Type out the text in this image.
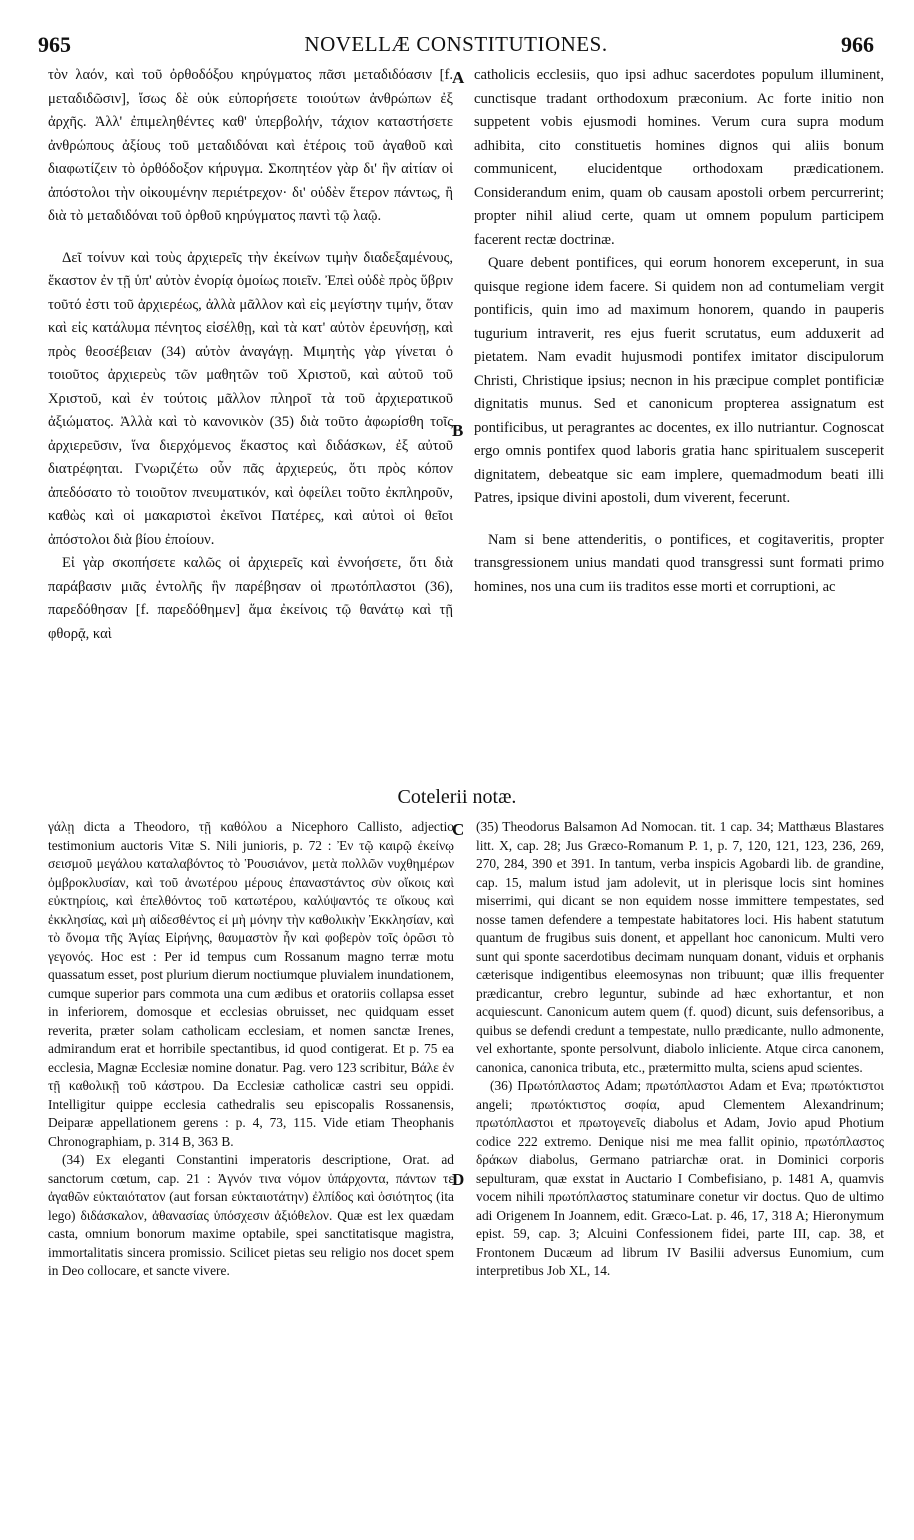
965	NOVELLÆ CONSTITUTIONES.	966

τὸν λαόν, καὶ τοῦ ὀρθοδόξου κηρύγματος πᾶσι μεταδιδόασιν [f. μεταδιδῶσιν], ἴσως δὲ οὐκ εὐπορήσετε τοιούτων ἀνθρώπων ἐξ ἀρχῆς. Ἀλλ' ἐπιμεληθέντες καθ' ὑπερβολήν, τάχιον καταστήσετε ἀνθρώπους ἀξίους τοῦ μεταδιδόναι καὶ ἑτέροις τοῦ ἀγαθοῦ καὶ διαφωτίζειν τὸ ὀρθόδοξον κήρυγμα. Σκοπητέον γὰρ δι' ἣν αἰτίαν οἱ ἀπόστολοι τὴν οἰκουμένην περιέτρεχον· δι' οὐδὲν ἕτερον πάντως, ἢ διὰ τὸ μεταδιδόναι τοῦ ὀρθοῦ κηρύγματος παντὶ τῷ λαῷ.

Δεῖ τοίνυν καὶ τοὺς ἀρχιερεῖς τὴν ἐκείνων τιμὴν διαδεξαμένους, ἕκαστον ἐν τῇ ὑπ' αὐτὸν ἐνορίᾳ ὁμοίως ποιεῖν. Ἐπεὶ οὐδὲ πρὸς ὕβριν τοῦτό ἐστι τοῦ ἀρχιερέως, ἀλλὰ μᾶλλον καὶ εἰς μεγίστην τιμήν, ὅταν καὶ εἰς κατάλυμα πένητος εἰσέλθῃ, καὶ τὰ κατ' αὐτὸν ἐρευνήσῃ, καὶ πρὸς θεοσέβειαν (34) αὐτὸν ἀναγάγῃ. Μιμητὴς γὰρ γίνεται ὁ τοιοῦτος ἀρχιερεὺς τῶν μαθητῶν τοῦ Χριστοῦ, καὶ αὐτοῦ τοῦ Χριστοῦ, καὶ ἐν τούτοις μᾶλλον πληροῖ τὰ τοῦ ἀρχιερατικοῦ ἀξιώματος. Ἀλλὰ καὶ τὸ κανονικὸν (35) διὰ τοῦτο ἀφωρίσθη τοῖς ἀρχιερεῦσιν, ἵνα διερχόμενος ἕκαστος καὶ διδάσκων, ἐξ αὐτοῦ διατρέφηται. Γνωριζέτω οὖν πᾶς ἀρχιερεύς, ὅτι πρὸς κόπον ἀπεδόσατο τὸ τοιοῦτον πνευματικόν, καὶ ὀφείλει τοῦτο ἐκπληροῦν, καθὼς καὶ οἱ μακαριστοὶ ἐκεῖνοι Πατέρες, καὶ αὐτοὶ οἱ θεῖοι ἀπόστολοι διὰ βίου ἐποίουν.

Εἰ γὰρ σκοπήσετε καλῶς οἱ ἀρχιερεῖς καὶ ἐννοήσετε, ὅτι διὰ παράβασιν μιᾶς ἐντολῆς ἣν παρέβησαν οἱ πρωτόπλαστοι (36), παρεδόθησαν [f. παρεδόθημεν] ἅμα ἐκείνοις τῷ θανάτῳ καὶ τῇ φθορᾷ, καὶ

A
B

catholicis ecclesiis, quo ipsi adhuc sacerdotes populum illuminent, cunctisque tradant orthodoxum præconium. Ac forte initio non suppetent vobis ejusmodi homines. Verum cura supra modum adhibita, cito constituetis homines dignos qui aliis bonum communicent, elucidentque orthodoxam prædicationem. Considerandum enim, quam ob causam apostoli orbem percurrerint; propter nihil aliud certe, quam ut omnem populum participem facerent rectæ doctrinæ.

Quare debent pontifices, qui eorum honorem exceperunt, in sua quisque regione idem facere. Si quidem non ad contumeliam vergit pontificis, quin imo ad maximum honorem, quando in pauperis tugurium intraverit, res ejus fuerit scrutatus, eum adduxerit ad pietatem. Nam evadit hujusmodi pontifex imitator discipulorum Christi, Christique ipsius; necnon in his præcipue complet pontificiæ dignitatis munus. Sed et canonicum propterea assignatum est pontificibus, ut peragrantes ac docentes, ex illo nutriantur. Cognoscat ergo omnis pontifex quod laboris gratia hanc spiritualem susceperit dignitatem, debeatque sic eam implere, quemadmodum beati illi Patres, ipsique divini apostoli, dum viverent, fecerunt.

Nam si bene attenderitis, o pontifices, et cogitaveritis, propter transgressionem unius mandati quod transgressi sunt formati primo homines, nos una cum iis traditos esse morti et corruptioni, ac

Cotelerii notæ.

γάλῃ dicta a Theodoro, τῇ καθόλου a Nicephoro Callisto, adjectio testimonium auctoris Vitæ S. Nili junioris, p. 72 : Ἐν τῷ καιρῷ ἐκείνῳ σεισμοῦ μεγάλου καταλαβόντος τὸ Ῥουσιάνον, μετὰ πολλῶν νυχθημέρων ὀμβροκλυσίαν, καὶ τοῦ ἀνωτέρου μέρους ἐπαναστάντος σὺν οἴκοις καὶ εὐκτηρίοις, καὶ ἐπελθόντος τοῦ κατωτέρου, καλύψαντός τε οἴκους καὶ ἐκκλησίας, καὶ μὴ αἰδεσθέντος εἰ μὴ μόνην τὴν καθολικὴν Ἐκκλησίαν, καὶ τὸ ὄνομα τῆς Ἁγίας Εἰρήνης, θαυμαστὸν ἦν καὶ φοβερὸν τοῖς ὁρῶσι τὸ γεγονός. Hoc est : Per id tempus cum Rossanum magno terræ motu quassatum esset, post plurium dierum noctiumque pluvialem inundationem, cumque superior pars commota una cum ædibus et oratoriis collapsa esset in inferiorem, domosque et ecclesias obruisset, nec quidquam esset reverita, præter solam catholicam ecclesiam, et nomen sanctæ Irenes, admirandum erat et horribile spectantibus, id quod contigerat. Et p. 75 ea ecclesia, Magnæ Ecclesiæ nomine donatur. Pag. vero 123 scribitur, Βάλε ἐν τῇ καθολικῇ τοῦ κάστρου. Da Ecclesiæ catholicæ castri seu oppidi. Intelligitur quippe ecclesia cathedralis seu episcopalis Rossanensis, Deiparæ appellationem gerens : p. 4, 73, 115. Vide etiam Theophanis Chronographiam, p. 314 B, 363 B.

(34) Ex eleganti Constantini imperatoris descriptione, Orat. ad sanctorum cœtum, cap. 21 : Ἀγνόν τινα νόμον ὑπάρχοντα, πάντων τε ἀγαθῶν εὐκταιότατον (aut forsan εὐκταιοτάτην) ἐλπίδος καὶ ὁσιότητος (ita lego) διδάσκαλον, ἀθανασίας ὑπόσχεσιν ἀξιόθελον. Quæ est lex quædam casta, omnium bonorum maxime optabile, spei sanctitatisque magistra, immortalitatis sincera promissio. Scilicet pietas seu religio nos docet spem in Deo collocare, et sancte vivere.

C
D

(35) Theodorus Balsamon Ad Nomocan. tit. 1 cap. 34; Matthæus Blastares litt. X, cap. 28; Jus Græco-Romanum P. 1, p. 7, 120, 121, 123, 236, 269, 270, 284, 390 et 391. In tantum, verba inspicis Agobardi lib. de grandine, cap. 15, malum istud jam adolevit, ut in plerisque locis sint homines miserrimi, qui dicant se non equidem nosse immittere tempestates, sed nosse tamen defendere a tempestate habitatores loci. His habent statutum quantum de frugibus suis donent, et appellant hoc canonicum. Multi vero sunt qui sponte sacerdotibus decimam nunquam donant, viduis et orphanis cæterisque indigentibus eleemosynas non tribuunt; quæ illis frequenter prædicantur, crebro leguntur, subinde ad hæc exhortantur, et non acquiescunt. Canonicum autem quem (f. quod) dicunt, suis defensoribus, a quibus se defendi credunt a tempestate, nullo prædicante, nullo admonente, vel exhortante, sponte persolvunt, diabolo inliciente. Atque circa canonem, canonica, canonica tributa, etc., prætermitto multa, sciens apud scientes.

(36) Πρωτόπλαστος Adam; πρωτόπλαστοι Adam et Eva; πρωτόκτιστοι angeli; πρωτόκτιστος σοφία, apud Clementem Alexandrinum; πρωτόπλαστοι et πρωτογενεῖς diabolus et Adam, Jovio apud Photium codice 222 extremo. Denique nisi me mea fallit opinio, πρωτόπλαστος δράκων diabolus, Germano patriarchæ orat. in Dominici corporis sepulturam, quæ exstat in Auctario I Combefisiano, p. 1481 A, quamvis vocem nihili πρωτόπλαστος statuminare conetur vir doctus. Quo de ultimo adi Origenem In Joannem, edit. Græco-Lat. p. 46, 17, 318 A; Hieronymum epist. 59, cap. 3; Alcuini Confessionem fidei, parte III, cap. 38, et Frontonem Ducæum ad librum IV Basilii adversus Eunomium, cum interpretibus Job XL, 14.
